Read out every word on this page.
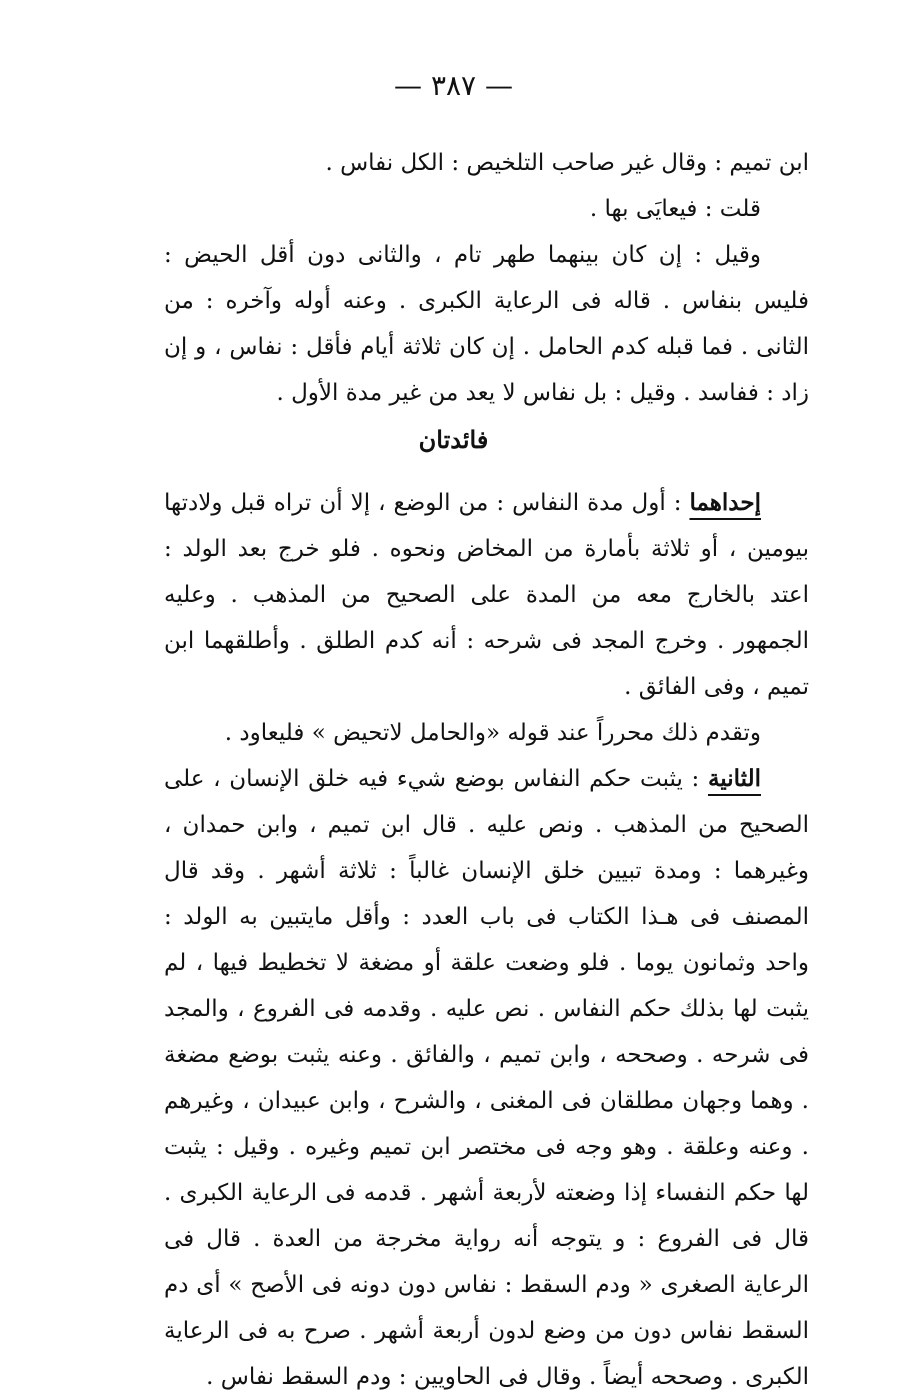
— ٣٨٧ —

ابن تميم : وقال غير صاحب التلخيص : الكل نفاس .

قلت : فيعايَى بها .

وقيل : إن كان بينهما طهر تام ، والثانى دون أقل الحيض : فليس بنفاس . قاله فى الرعاية الكبرى . وعنه أوله وآخره : من الثانى . فما قبله كدم الحامل . إن كان ثلاثة أيام فأقل : نفاس ، و إن زاد : ففاسد . وقيل : بل نفاس لا يعد من غير مدة الأول .

فائدتان

إحداهما : أول مدة النفاس : من الوضع ، إلا أن تراه قبل ولادتها بيومين ، أو ثلاثة بأمارة من المخاض ونحوه . فلو خرج بعد الولد : اعتد بالخارج معه من المدة على الصحيح من المذهب . وعليه الجمهور . وخرج المجد فى شرحه : أنه كدم الطلق . وأطلقهما ابن تميم ، وفى الفائق .

وتقدم ذلك محرراً عند قوله «والحامل لاتحيض » فليعاود .

الثانية : يثبت حكم النفاس بوضع شيء فيه خلق الإنسان ، على الصحيح من المذهب . ونص عليه . قال ابن تميم ، وابن حمدان ، وغيرهما : ومدة تبيين خلق الإنسان غالباً : ثلاثة أشهر . وقد قال المصنف فى هـذا الكتاب فى باب العدد : وأقل مايتبين به الولد : واحد وثمانون يوما . فلو وضعت علقة أو مضغة لا تخطيط فيها ، لم يثبت لها بذلك حكم النفاس . نص عليه . وقدمه فى الفروع ، والمجد فى شرحه . وصححه ، وابن تميم ، والفائق . وعنه يثبت بوضع مضغة . وهما وجهان مطلقان فى المغنى ، والشرح ، وابن عبيدان ، وغيرهم . وعنه وعلقة . وهو وجه فى مختصر ابن تميم وغيره . وقيل : يثبت لها حكم النفساء إذا وضعته لأربعة أشهر . قدمه فى الرعاية الكبرى . قال فى الفروع : و يتوجه أنه رواية مخرجة من العدة . قال فى الرعاية الصغرى « ودم السقط : نفاس دون دونه فى الأصح » أى دم السقط نفاس دون من وضع لدون أربعة أشهر . صرح به فى الرعاية الكبرى . وصححه أيضاً . وقال فى الحاويين : ودم السقط نفاس .
